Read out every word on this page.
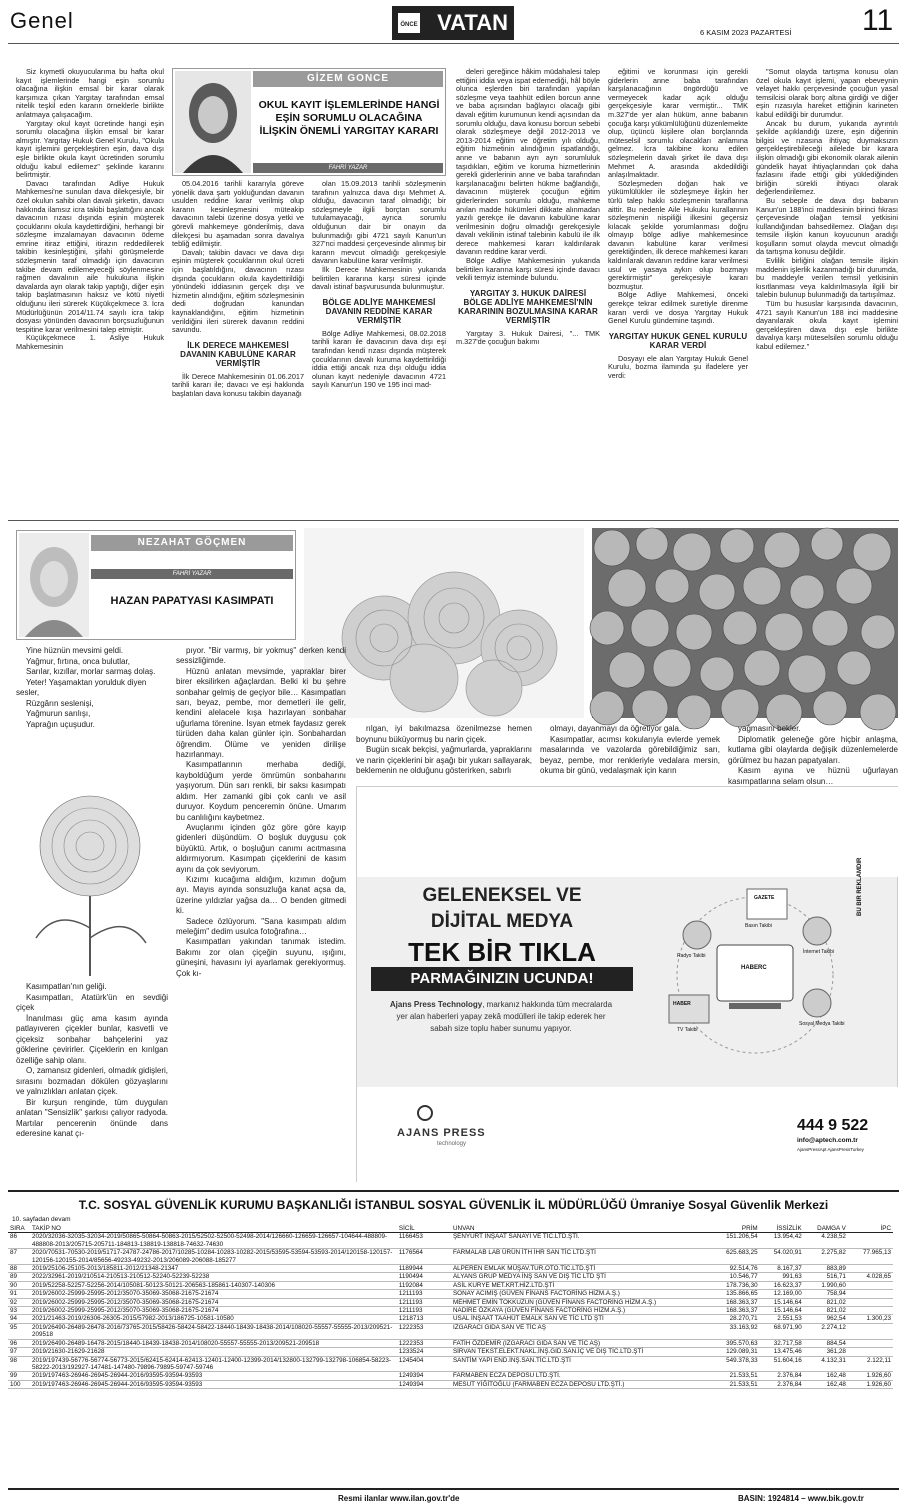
Genel	ÖNCE VATAN	6 KASIM 2023 PAZARTESİ 11
GİZEM GONCE
OKUL KAYIT İŞLEMLERİNDE HANGİ EŞİN SORUMLU OLACAĞINA İLİŞKİN ÖNEMLİ YARGITAY KARARI
FAHRİ YAZAR

Siz kıymetli okuyucularıma bu hafta okul kayıt işlemlerinde hangi eşin sorumlu olacağına ilişkin emsal bir karar olarak karşımıza çıkan Yargıtay tarafından emsal nitelik teşkil eden kararın örneklerle birlikte anlatmaya çalışacağım.

Yargıtay okul kayıt ücretinde hangi eşin sorumlu olacağına ilişkin emsal bir karar almıştır. Yargıtay Hukuk Genel Kurulu, "Okula kayıt işlemini gerçekleştiren eşin, dava dışı eşle birlikte okula kayıt ücretinden sorumlu olduğu kabul edilemez" şeklinde kararını belirtmiştir.

Davacı tarafından Adliye Hukuk Mahkemesi'ne sunulan dava dilekçesiyle, bir özel okulun sahibi olan davalı şirketin, davacı hakkında ilamsız icra takibi başlattığını ancak davacının rızası dışında eşinin müşterek çocuklarını okula kaydettirdiğini, herhangi bir sözleşme imzalamayan davacının ödeme emrine itiraz ettiğini, itirazın reddedilerek takibin kesinleştiğini, şifahi görüşmelerde sözleşmenin taraf olmadığı için davacının takibe devam edilemeyeceği söylenmesine rağmen davalının aile hukukuna ilişkin davalarda ayrı olarak takip yaptığı, diğer eşin takip başlatmasının haksız ve kötü niyetli olduğunu ileri sürerek Küçükçekmece 3. İcra Müdürlüğünün 2014/11.74 sayılı icra takip dosyası yönünden davacının borçsuzluğunun tespitine karar verilmesini talep etmiştir.

Küçükçekmece 1. Asliye Hukuk Mahkemesinin

05.04.2016 tarihli kararıyla göreve yönelik dava şartı yokluğundan davanın usulden reddine karar verilmiş olup kararın kesinleşmesini müteakip davacının talebi üzerine dosya yetki ve görevli mahkemeye gönderilmiş, dava dilekçesi bu aşamadan sonra davalıya tebliğ edilmiştir.

Davalı; takibin davacı ve dava dışı eşinin müşterek çocuklarının okul ücreti için başlatıldığını, davacının rızası dışında çocukların okula kaydettirildiği yönündeki iddiasının gerçek dışı ve hizmetin alındığını, eğitim sözleşmesinin dedi doğrudan kanundan kaynaklandığını, eğitim hizmetinin verildiğini ileri sürerek davanın reddini savundu.

İLK DERECE MAHKEMESİ DAVANIN KABULÜNE KARAR VERMİŞTİR

İlk Derece Mahkemesinin 01.06.2017 tarihli kararı ile; davacı ve eşi hakkında başlatılan dava konusu takibin dayanağı

olan 15.09.2013 tarihli sözleşmenin tarafının yalnızca dava dışı Mehmet A. olduğu, davacının taraf olmadığı; bir sözleşmeyle ilgili borçtan sorumlu tutulamayacağı, ayrıca sorumlu olduğunun dair bir onayın da bulunmadığı gibi 4721 sayılı Kanun'un 327'nci maddesi çerçevesinde alınmış bir kararın mevcut olmadığı gerekçesiyle davanın kabulüne karar verilmiştir.

İlk Derece Mahkemesinin yukarıda belirtilen kararına karşı süresi içinde davalı istinaf başvurusunda bulunmuştur.

BÖLGE ADLİYE MAHKEMESİ DAVANIN REDDİNE KARAR VERMİŞTİR

Bölge Adliye Mahkemesi, 08.02.2018 tarihli kararı ile davacının dava dışı eşi tarafından kendi rızası dışında müşterek çocuklarının davalı kuruma kaydettirildiği iddia ettiği ancak rıza dışı olduğu iddia olunan kayıt nedeniyle davacının 4721 sayılı Kanun'un 190 ve 195 inci mad-

deleri gereğince hâkim müdahalesi talep ettiğini iddia veya ispat edemediği, hâl böyle olunca eşlerden biri tarafından yapılan sözleşme veya taahhüt edilen borcun anne ve baba açısından bağlayıcı olacağı gibi davalı eğitim kurumunun kendi açısından da sorumlu olduğu, dava konusu borcun sebebi olarak sözleşmeye değil 2012-2013 ve 2013-2014 eğitim ve öğretim yılı olduğu, eğitim hizmetinin alındığının ispatlandığı, anne ve babanın ayrı ayrı sorumluluk taşıdıkları, eğitim ve koruma hizmetlerinin gerekli giderlerinin anne ve baba tarafından karşılanacağını belirten hükme bağlandığı, davacının müşterek çocuğun eğitim giderlerinden sorumlu olduğu, mahkeme anılan madde hükümleri dikkate alınmadan yazılı gerekçe ile davanın kabulüne karar verilmesinin doğru olmadığı gerekçesiyle davalı vekilinin istinaf talebinin kabulü ile ilk derece mahkemesi kararı kaldırılarak davanın reddine karar verdi.

Bölge Adliye Mahkemesinin yukarıda belirtilen kararına karşı süresi içinde davacı vekili temyiz isteminde bulundu.

YARGITAY 3. HUKUK DAİRESİ BÖLGE ADLİYE MAHKEMESİ'NİN KARARININ BOZULMASINA KARAR VERMİŞTİR

Yargıtay 3. Hukuk Dairesi, "... TMK m.327'de çocuğun bakımı

eğitimi ve korunması için gerekli giderlerin anne baba tarafından karşılanacağının öngördüğü ve vermeyecek kadar açık olduğu gerçekçesiyle karar vermiştir... TMK m.327'de yer alan hüküm, anne babanın çocuğa karşı yükümlülüğünü düzenlemekte olup, üçüncü kişilere olan borçlarında müteselsil sorumlu olacakları anlamına gelmez. İcra takibine konu edilen sözleşmelerin davalı şirket ile dava dışı Mehmet A. arasında akdedildiği anlaşılmaktadır.

Sözleşmeden doğan hak ve yükümlülükler ile sözleşmeye ilişkin her türlü talep hakkı sözleşmenin taraflarına aittir. Bu nedenle Aile Hukuku kurallarının sözleşmenin nispiliği ilkesini geçersiz kılacak şekilde yorumlanması doğru olmayıp bölge adliye mahkemesince davanın kabulüne karar verilmesi gerektiğinden, ilk derece mahkemesi kararı kaldırılarak davanın reddine karar verilmesi usul ve yasaya aykırı olup bozmayı gerektirmiştir" gerekçesiyle kararı bozmuştur.

Bölge Adliye Mahkemesi, önceki gerekçe tekrar edilmek suretiyle direnme kararı verdi ve dosya Yargıtay Hukuk Genel Kurulu gündemine taşındı.

YARGITAY HUKUK GENEL KURULU KARAR VERDİ

Dosyayı ele alan Yargıtay Hukuk Genel Kurulu, bozma ilamında şu ifadelere yer verdi:

"Somut olayda tartışma konusu olan özel okula kayıt işlemi, yapan ebeveynin velayet hakkı çerçevesinde çocuğun yasal temsilcisi olarak borç altına girdiği ve diğer eşin rızasıyla hareket ettiğinin karineten kabul edildiği bir durumdur.

Ancak bu durum, yukarıda ayrıntılı şekilde açıklandığı üzere, eşin diğerinin bilgisi ve rızasına ihtiyaç duymaksızın gerçekleştirebileceği ailelede bir karara ilişkin olmadığı gibi ekonomik olarak ailenin gündelik hayat ihtiyaçlarından çok daha fazlasını ifade ettiği gibi yüklediğinden birliğin sürekli ihtiyacı olarak değerlendirilemez.

Bu sebeple de dava dışı babanın Kanun'un 188'inci maddesinin birinci fıkrası çerçevesinde olağan temsil yetkisini kullandığından bahsedilemez. Olağan dışı temsile ilişkin kanun koyucunun aradığı koşulların somut olayda mevcut olmadığı da tartışma konusu değildir.

Evlilik birliğini olağan temsile ilişkin maddenin işlerlik kazanmadığı bir durumda, bu maddeyle verilen temsil yetkisinin kısıtlanması veya kaldırılmasıyla ilgili bir talebin bulunup bulunmadığı da tartışılmaz.

Tüm bu hususlar karşısında davacının, 4721 sayılı Kanun'un 188 inci maddesine dayanılarak okula kayıt işlemini gerçekleştiren dava dışı eşle birlikte davalıya karşı müteselsilen sorumlu olduğu kabul edilemez."

NEZAHAT GÖÇMEN
FAHRİ YAZAR
HAZAN PAPATYASI KASIMPATI

Yine hüznün mevsimi geldi.

Yağmur, fırtına, onca bulutlar,

Sarılar, kızıllar, morlar sarmaş dolaş.

Yeter! Yaşamaktan yorulduk diyen sesler,

Rüzgârın seslenişi,

Yağmurun sarılışı,

Yaprağın uçuşudur.

Kasımpatları'nın geliği.

Kasımpatları, Atatürk'ün en sevdiği çiçek

İnanılması güç ama kasım ayında patlayıveren çiçekler bunlar, kasvetli ve çiçeksiz sonbahar bahçelerini yaz göklerine çevirirler. Çiçeklerin en kırılgan özelliğe sahip olanı.

O, zamansız gidenleri, olmadık gidişleri, sırasını bozmadan dökülen gözyaşlarını ve yalnızlıkları anlatan çiçek.

Bir kurşun renginde, tüm duyguları anlatan "Sensizlik" şarkısı çalıyor radyoda. Martılar pencerenin önünde dans ederesine kanat çı-

pıyor. "Bir varmış, bir yokmuş" derken kendi sessizliğimde.

Hüznü anlatan mevsimde, yapraklar birer birer eksilirken ağaçlardan. Belki ki bu şehre sonbahar gelmiş de geçiyor bile… Kasımpatları sarı, beyaz, pembe, mor demetleri ile gelir, kendini alelacele kışa hazırlayan sonbahar uğurlama törenine. İsyan etmek faydasız gerek türüden daha kalan günler için. Sonbahardan öğrendim. Ölüme ve yeniden dirilişe hazırlanmayı.

Kasımpatlarının merhaba dediği, kayboldüğum yerde ömrümün sonbaharını yaşıyorum. Dün sarı renkli, bir saksı kasımpatı aldım. Her zamanki gibi çok canlı ve asil duruyor. Koydum penceremin önüne. Umarım bu canlılığını kaybetmez.

Avuçlarımı içinden göz göre göre kayıp gidenleri düşündüm. O boşluk duygusu çok büyüktü. Artık, o boşluğun canımı acıtmasına aldırmıyorum. Kasımpatı çiçeklerini de kasım ayını da çok seviyorum.

Kızımı kucağıma aldığım, kızımın doğum ayı. Mayıs ayında sonsuzluğa kanat açsa da, üzerine yıldızlar yağsa da… O benden gitmedi ki.

Sadece özlüyorum. "Sana kasımpatı aldım meleğim" dedim usulca fotoğrafına…

Kasımpatları yakından tanımak istedim. Bakımı zor olan çiçeğin suyunu, ışığını, güneşini, havasını iyi ayarlamak gerekiyormuş. Çok kı-

rılgan, iyi bakılmazsa özenilmezse hemen boynunu büküyormuş bu narin çiçek.

Bugün sıcak bekçisi, yağmurlarda, yapraklarını ve narin çiçeklerini bir aşağı bir yukarı sallayarak, beklemenin ne olduğunu gösterirken, sabırlı

olmayı, dayanmayı da öğretiyor gala.

Kasımpatlar, acımsı kokularıyla evlerde yemek masalarında ve vazolarda görebildiğimiz sarı, beyaz, pembe, mor renkleriyle vedalara mersin, okuma bir günü, vedalaşmak için karın

yağmasını bekler.

Diplomatik geleneğe göre hiçbir anlaşma, kutlama gibi olaylarda değişik düzenlemelerde görülmez bu hazan papatyaları.

Kasım ayına ve hüznü uğurlayan kasımpatlarına selam olsun…

BU BİR REKLAMDIR
GELENEKSEL VE
DİJİTAL MEDYA
TEK BİR TIKLA
PARMAĞINIZIN UCUNDA!
Ajans Press Technology, markanız hakkında tüm mecralarda yer alan haberleri yapay zekâ modülleri ile takip ederek her sabah size toplu haber sunumu yapıyor.
Radyo Takibi
Basın Takibi
İnternet Takibi
TV Takibi
Sosyal Medya Takibi
GAZETE
HABER
HABERC
AJANS PRESS
technology
444 9 522
info@aptech.com.tr
AjansPressApt AjansPressTurkey
T.C. SOSYAL GÜVENLİK KURUMU BAŞKANLIĞI İSTANBUL SOSYAL GÜVENLİK İL MÜDÜRLÜĞÜ Ümraniye Sosyal Güvenlik Merkezi
10. sayfadan devam
SIRA	TAKİP NO	SİCİL	UNVAN	PRİM	İSSİZLİK	DAMGA V	İPC
86	2020/32036-32035-32034-2019/50865-50864-50863-2015/52502-52500-52498-2014/126660-126659-126657-104644-488809-488808-2013/205715-205711-184813-138819-138818-74632-74630	1166453	ŞENYURT İNŞAAT SANAYİ VE TİC.LTD.ŞTİ.	151.206,54	13.954,42	4.238,52	
87	2020/70531-70530-2019/51717-24787-24786-2017/10285-10284-10283-10282-2015/53595-53594-53593-2014/120158-120157-120156-120155-2014/85656-49233-49232-2013/206089-206088-185277	1176564	FARMALAB LAB ÜRÜN İTH İHR SAN TİC LTD.ŞTİ	625.683,25	54.020,91	2.275,82	77.965,13
88	2019/25106-25105-2013/185811-2012/21348-21347	1189944	ALPEREN EMLAK MÜŞAV.TUR.OTO.TİC.LTD.ŞTİ	92.514,76	8.167,37	883,89	
89	2022/32961-2019/210514-210513-210512-52240-52239-52238	1190494	ALYANS GRUP MEDYA İNŞ SAN VE DIŞ TİC LTD ŞTİ	10.546,77	991,63	516,71	4.028,65
90	2019/52258-52257-52256-2014/105081-50123-50121-206563-185861-140307-140306	1192084	ASİL KURYE MET.KRT.HİZ.LTD.ŞTİ	178.736,30	16.623,37	1.990,60	
91	2019/26002-25999-25995-2012/35070-35069-35068-21675-21674	1211193	SONAY ACIMIŞ (GÜVEN FİNANS FACTORİNG HİZM.A.Ş.)	135.866,65	12.169,00	758,94	
92	2019/26002-25999-25995-2012/35070-35069-35068-21675-21674	1211193	MEHMET EMİN TOKKUZUN (GÜVEN FİNANS FACTORİNG HİZM.A.Ş.)	168.363,37	15.146,64	821,02	
93	2019/26002-25999-25995-2012/35070-35069-35068-21675-21674	1211193	NADİRE ÖZKAYA (GÜVEN FİNANS FACTORİNG HİZM.A.Ş.)	168.363,37	15.146,64	821,02	
94	2021/21463-2019/26306-26305-2015/57982-2013/186725-10581-10580	1218713	USAL İNŞAAT TAAHÜT EMALK SAN VE TİC LTD ŞTİ	28.270,71	2.551,53	962,54	1.300,23
95	2019/26490-26489-26478-2016/73765-2015/58426-58424-58422-18440-18439-18438-2014/108020-55557-55555-2013/209521-209518	1222353	IZGARACI GIDA SAN VE TİC AŞ	33.163,92	68.971,90	2.274,12	
96	2019/26490-26489-16478-2015/18440-18439-18438-2014/108020-55557-55555-2013/209521-209518	1222353	FATİH ÖZDEMİR (IZGARACI GIDA SAN VE TİC AŞ)	395.570,63	32.717,58	884,54	
97	2019/21630-21629-21628	1233524	SİRVAN TEKST.ELEKT.NAKL.İNŞ.GID.SAN.İÇ VE DIŞ TİC.LTD.ŞTİ	129.089,31	13.475,46	361,28	
98	2019/197439-56776-56774-56773-2015/62415-62414-62413-12401-12400-12399-2014/132800-132799-132798-106854-58223-58222-2013/192927-147481-147480-79896-79895-59747-59746	1245404	SANTİM YAPI END.İNŞ.SAN.TİC.LTD.ŞTİ	549.378,33	51.604,16	4.132,31	2.122,11
99	2019/197463-26946-26945-26944-2016/93595-93594-93593	1249394	FARMABEN ECZA DEPOSU LTD.ŞTİ.	21.533,51	2.376,84	162,48	1.926,60
100	2019/197463-26946-26945-26944-2016/93595-93594-93593	1249394	MESUT YİĞİTOĞLU (FARMABEN ECZA DEPOSU LTD.ŞTİ.)	21.533,51	2.376,84	162,48	1.926,60
Resmi ilanlar www.ilan.gov.tr'de	BASIN: 1924814 – www.bik.gov.tr
